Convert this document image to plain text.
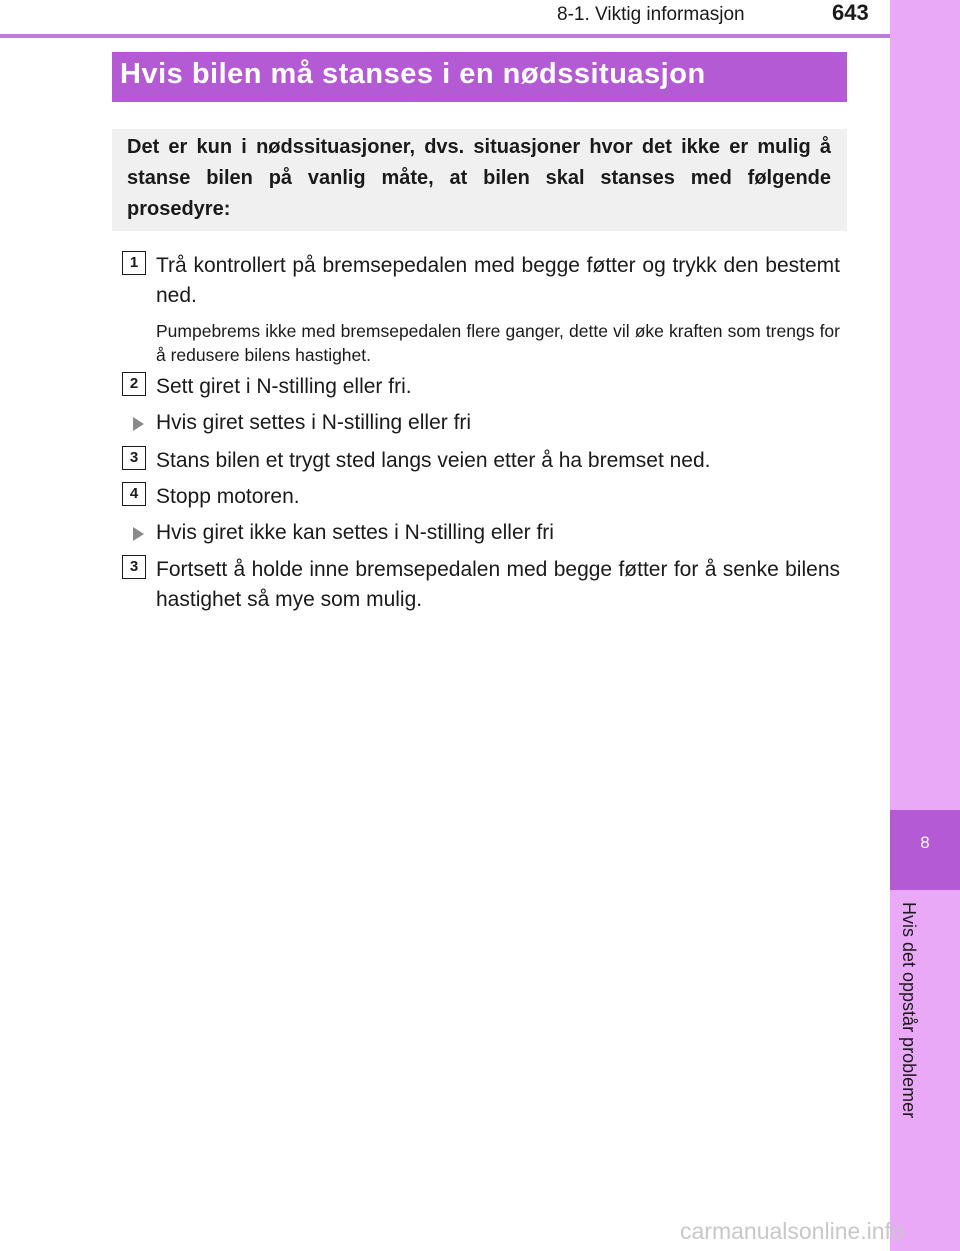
8-1. Viktig informasjon	643
8
Hvis det oppstår problemer
Hvis bilen må stanses i en nødssituasjon
Det er kun i nødssituasjoner, dvs. situasjoner hvor det ikke er mulig å stanse bilen på vanlig måte, at bilen skal stanses med følgende prosedyre:
1 Trå kontrollert på bremsepedalen med begge føtter og trykk den bestemt ned.
Pumpebrems ikke med bremsepedalen flere ganger, dette vil øke kraften som trengs for å redusere bilens hastighet.
2 Sett giret i N-stilling eller fri.
Hvis giret settes i N-stilling eller fri
3 Stans bilen et trygt sted langs veien etter å ha bremset ned.
4 Stopp motoren.
Hvis giret ikke kan settes i N-stilling eller fri
3 Fortsett å holde inne bremsepedalen med begge føtter for å senke bilens hastighet så mye som mulig.
carmanualsonline.info
